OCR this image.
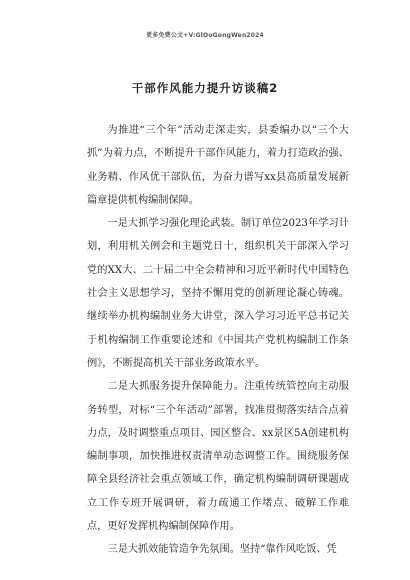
更多免费公文+V:GlOoGongWen2024
干部作风能力提升访谈稿2

为推进“三个年”活动走深走实，县委编办以“三个大抓”为着力点，不断提升干部作风能力，着力打造政治强、业务精、作风优干部队伍，为奋力谱写xx县高质量发展新篇章提供机构编制保障。

一是大抓学习强化理论武装。制订单位2023年学习计划，利用机关例会和主题党日十，组织机关干部深入学习党的XX大、二十届二中全会精神和习近平新时代中国特色社会主义思想学习，坚持不懈用党的创新理论凝心铸魂。继续举办机构编制业务大讲堂，深入学习习近平总书记关于机构编制工作重要论述和《中国共产党机构编制工作条例》，不断提高机关干部业务政策水平。

二是大抓服务提升保障能力。注重传统管控向主动服务转型，对标“三个年活动”部署，找准贯彻落实结合点着力点，及时调整重点项目、园区整合、xx景区5A创建机构编制事项，加快推进权责清单动态调整工作。围绕服务保障全县经济社会重点领域工作，确定机构编制调研课题成立工作专班开展调研，着力疏通工作堵点、破解工作难点，更好发挥机构编制保障作用。

三是大抓效能管造争先氛围。坚持“靠作风吃饭、凭
